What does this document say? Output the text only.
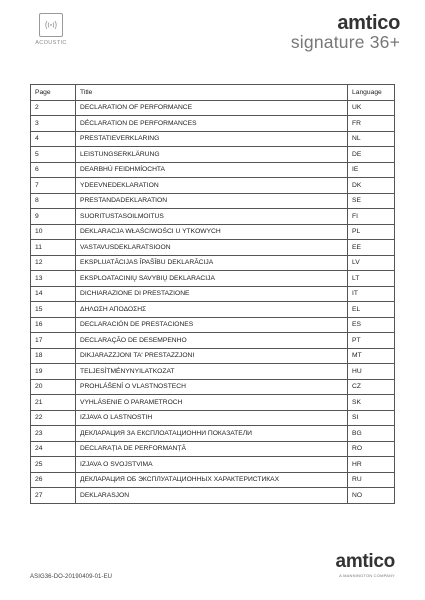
ACOUSTIC
amtico
signature 36+
Page	Title	Language
2	DECLARATION OF PERFORMANCE	UK
3	DÉCLARATION DE PERFORMANCES	FR
4	PRESTATIEVERKLARING	NL
5	LEISTUNGSERKLÄRUNG	DE
6	DEARBHÚ FEIDHMÍOCHTA	IE
7	YDEEVNEDEKLARATION	DK
8	PRESTANDADEKLARATION	SE
9	SUORITUSTASOILMOITUS	FI
10	DEKLARACJA WŁAŚCIWOŚCI U YTKOWYCH	PL
11	VASTAVUSDEKLARATSIOON	EE
12	EKSPLUATĀCIJAS ĪPAŠĪBU DEKLARĀCIJA	LV
13	EKSPLOATACINIŲ SAVYBIŲ DEKLARACIJA	LT
14	DICHIARAZIONE DI PRESTAZIONE	IT
15	ΔΗΛΩΣΗ ΑΠΟΔΟΣΗΣ	EL
16	DECLARACIÓN DE PRESTACIONES	ES
17	DECLARAÇÃO DE DESEMPENHO	PT
18	DIKJARAZZJONI TA' PRESTAZZJONI	MT
19	TELJESÍTMÉNYNYILATKOZAT	HU
20	PROHLÁŠENÍ O VLASTNOSTECH	CZ
21	VYHLÁSENIE O PARAMETROCH	SK
22	IZJAVA O LASTNOSTIH	SI
23	ДЕКЛАРАЦИЯ ЗА ЕКСПЛОАТАЦИОННИ ПОКАЗАТЕЛИ	BG
24	DECLARAȚIA DE PERFORMANȚĂ	RO
25	IZJAVA O SVOJSTVIMA	HR
26	ДЕКЛАРАЦИЯ ОБ ЭКСПЛУАТАЦИОННЫХ ХАРАКТЕРИСТИКАХ	RU
27	DEKLARASJON	NO
ASIG36-DO-20190409-01-EU
amtico
A MANNINGTON COMPANY
